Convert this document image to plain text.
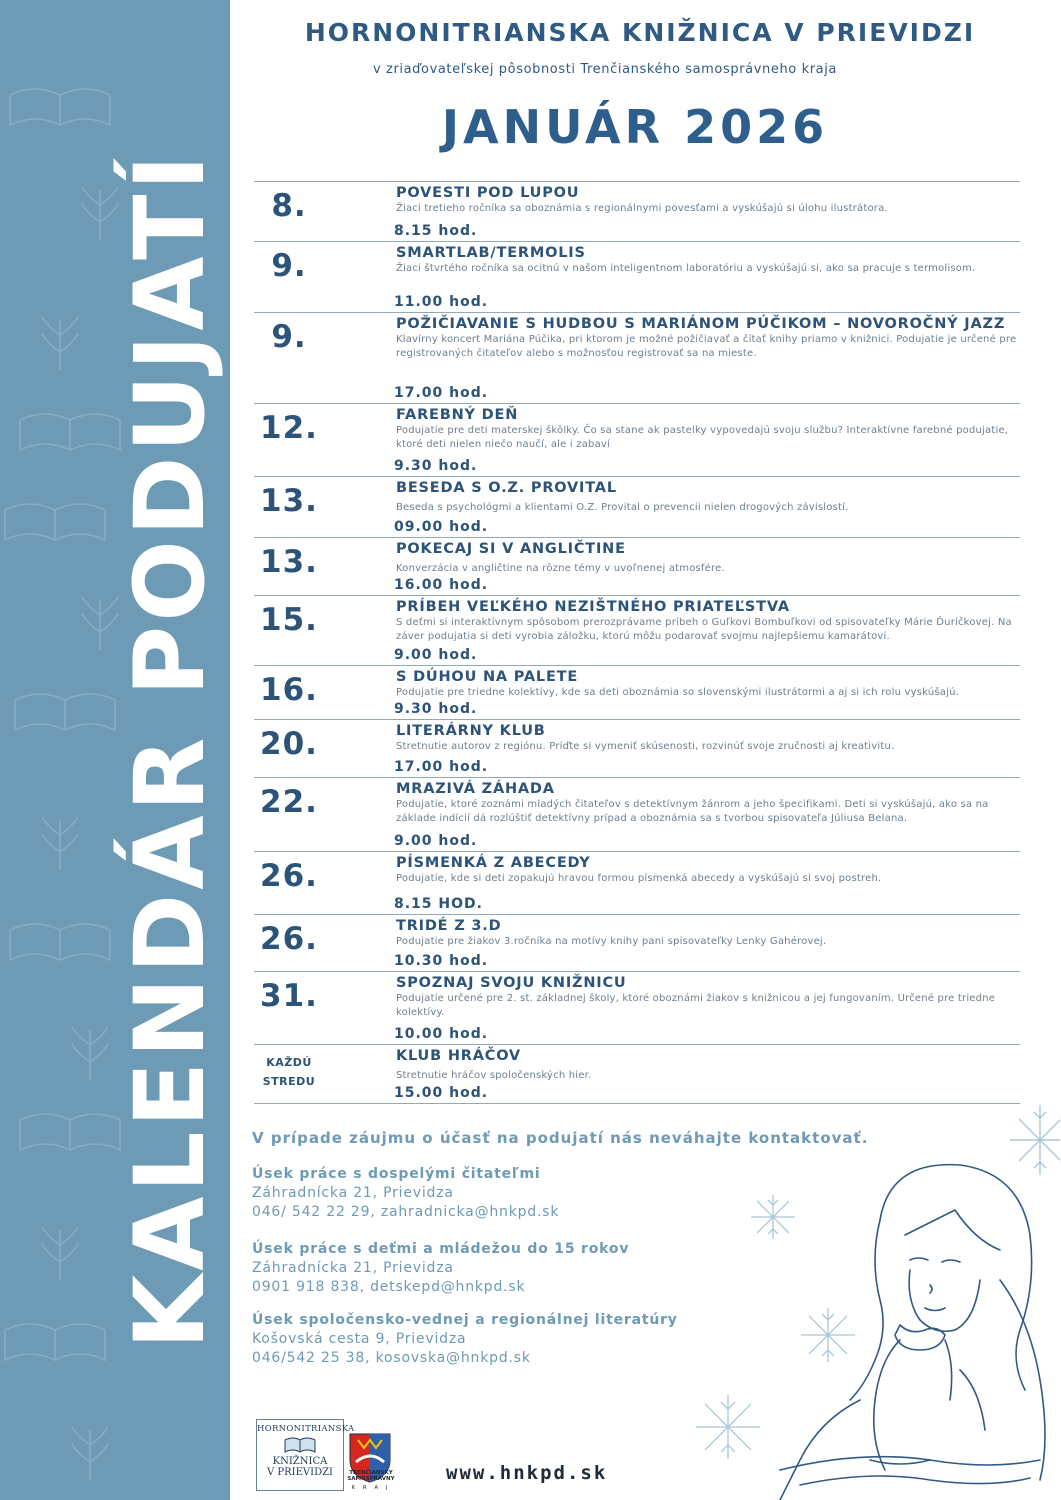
KALENDÁR PODUJATÍ
HORNONITRIANSKA KNIŽNICA V PRIEVIDZI
v zriaďovateľskej pôsobnosti Trenčianského samosprávneho kraja
JANUÁR 2026
8.	POVESTI POD LUPOU
Žiaci tretieho ročníka sa oboznámia s regionálnymi povesťami a vyskúšajú si úlohu ilustrátora.
8.15 hod.
9.	SMARTLAB/TERMOLIS
Žiaci štvrtého ročníka sa ocitnú v našom inteligentnom laboratóriu a vyskúšajú si, ako sa pracuje s termolisom.
11.00 hod.
9.	POŽIČIAVANIE S HUDBOU S MARIÁNOM PÚČIKOM – NOVOROČNÝ JAZZ
Klavírny koncert Mariána Púčika, pri ktorom je možné požičiavať a čítať knihy priamo v knižnici. Podujatie je určené pre registrovaných čitateľov alebo s možnosťou registrovať sa na mieste.
17.00 hod.
12.	FAREBNÝ DEŇ
Podujatie pre deti materskej škôlky. Čo sa stane ak pastelky vypovedajú svoju službu? Interaktívne farebné podujatie, ktoré deti nielen niečo naučí, ale i zabaví
9.30 hod.
13.	BESEDA S O.Z. PROVITAL
Beseda s psychológmi a klientami O.Z. Provital o prevencii nielen drogových závislostí.
09.00 hod.
13.	POKECAJ SI V ANGLIČTINE
Konverzácia v angličtine na rôzne témy v uvoľnenej atmosfére.
16.00 hod.
15.	PRÍBEH VEĽKÉHO NEZIŠTNÉHO PRIATEĽSTVA
S deťmi si interaktívnym spôsobom prerozprávame príbeh o Guľkovi Bombuľkovi od spisovateľky Márie Ďuríčkovej. Na záver podujatia si deti vyrobia záložku, ktorú môžu podarovať svojmu najlepšiemu kamarátovi.
9.00 hod.
16.	S DÚHOU NA PALETE
Podujatie pre triedne kolektívy, kde sa deti oboznámia so slovenskými ilustrátormi a aj si ich rolu vyskúšajú.
9.30 hod.
20.	LITERÁRNY KLUB
Stretnutie autorov z regiónu. Príďte si vymeniť skúsenosti, rozvinúť svoje zručnosti aj kreativitu.
17.00 hod.
22.	MRAZIVÁ ZÁHADA
Podujatie, ktoré zoznámi mladých čitateľov s detektívnym žánrom a jeho špecifikami. Deti si vyskúšajú, ako sa na základe indícií dá rozlúštiť detektívny prípad a oboznámia sa s tvorbou spisovateľa Júliusa Belana.
9.00 hod.
26.	PÍSMENKÁ Z ABECEDY
Podujatie, kde si deti zopakujú hravou formou písmenká abecedy a vyskúšajú si svoj postreh.
8.15 HOD.
26.	TRIDÉ Z 3.D
Podujatie pre žiakov 3.ročníka na motívy knihy pani spisovateľky Lenky Gahérovej.
10.30 hod.
31.	SPOZNAJ SVOJU KNIŽNICU
Podujatie určené pre 2. st. základnej školy, ktoré oboznámi žiakov s knižnicou a jej fungovaním. Určené pre triedne kolektívy.
10.00 hod.
KAŽDÚ
STREDU
KLUB HRÁČOV
Stretnutie hráčov spoločenských hier.
15.00 hod.
V prípade záujmu o účasť na podujatí nás neváhajte kontaktovať.
Úsek práce s dospelými čitateľmi
Záhradnícka 21, Prievidza
046/ 542 22 29, zahradnicka@hnkpd.sk
Úsek práce s deťmi a mládežou do 15 rokov
Záhradnícka 21, Prievidza
0901 918 838, detskepd@hnkpd.sk
Úsek spoločensko-vednej a regionálnej literatúry
Košovská cesta 9, Prievidza
046/542 25 38, kosovska@hnkpd.sk
HORNONITRIANSKA
KNIŽNICA
V PRIEVIDZI	TRENČIANSKY
SAMOSPRÁVNY
K R A J
www.hnkpd.sk
